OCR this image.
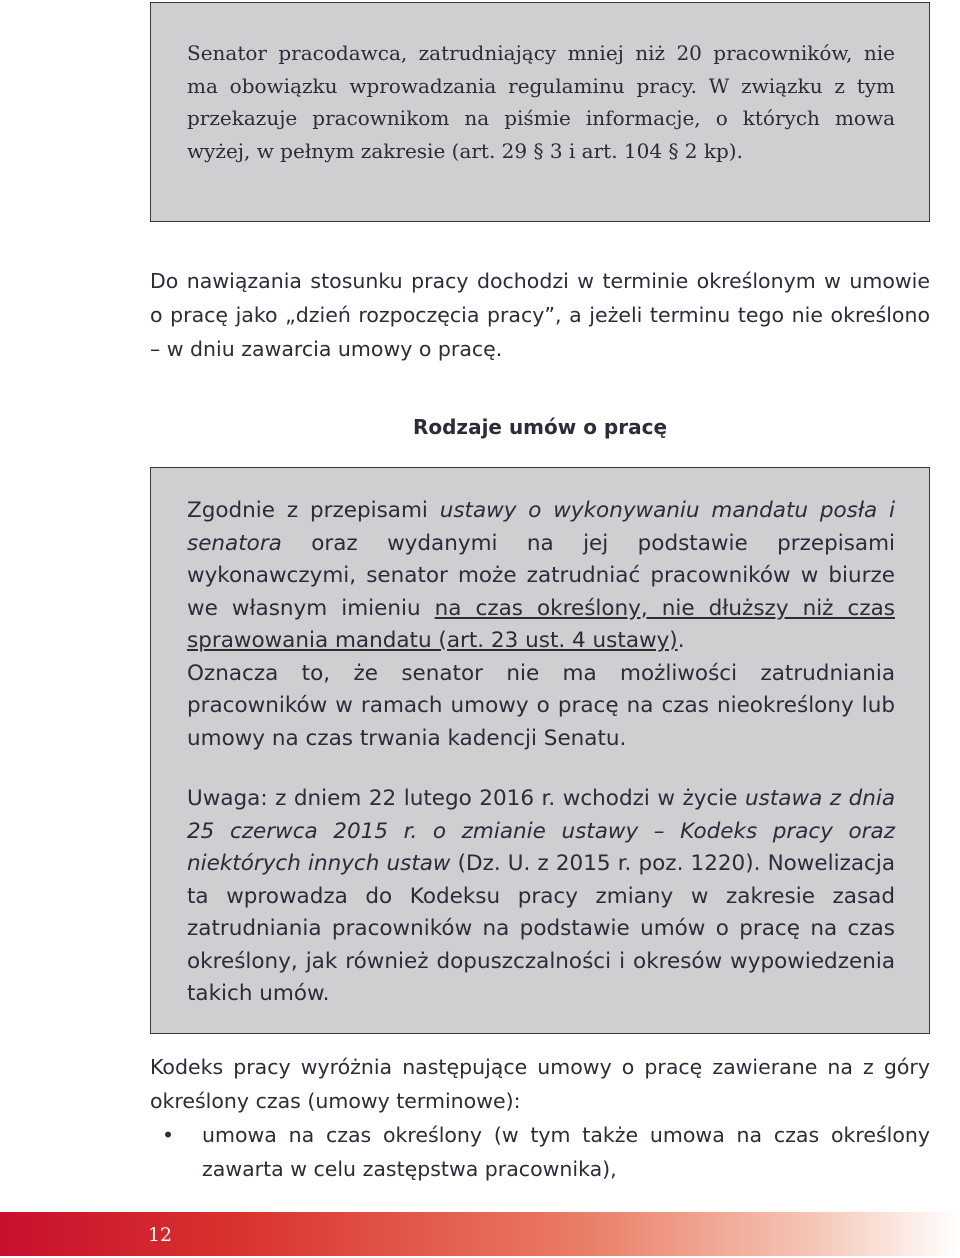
Senator pracodawca, zatrudniający mniej niż 20 pracowników, nie ma obowiązku wprowadzania regulaminu pracy. W związku z tym przekazuje pracownikom na piśmie informacje, o których mowa wyżej, w pełnym zakresie (art. 29 § 3 i art. 104 § 2 kp).
Do nawiązania stosunku pracy dochodzi w terminie określonym w umowie o pracę jako „dzień rozpoczęcia pracy”, a jeżeli terminu tego nie określono – w dniu zawarcia umowy o pracę.
Rodzaje umów o pracę

Zgodnie z przepisami ustawy o wykonywaniu mandatu posła i senatora oraz wydanymi na jej podstawie przepisami wykonawczymi, senator może zatrudniać pracowników w biurze we własnym imieniu na czas określony, nie dłuższy niż czas sprawowania mandatu (art. 23 ust. 4 ustawy).

Oznacza to, że senator nie ma możliwości zatrudniania pracowników w ramach umowy o pracę na czas nieokreślony lub umowy na czas trwania kadencji Senatu.

Uwaga: z dniem 22 lutego 2016 r. wchodzi w życie ustawa z dnia 25 czerwca 2015 r. o zmianie ustawy – Kodeks pracy oraz niektórych innych ustaw (Dz. U. z 2015 r. poz. 1220). Nowelizacja ta wprowadza do Kodeksu pracy zmiany w zakresie zasad zatrudniania pracowników na podstawie umów o pracę na czas określony, jak również dopuszczalności i okresów wypowiedzenia takich umów.

Kodeks pracy wyróżnia następujące umowy o pracę zawierane na z góry określony czas (umowy terminowe):
• umowa na czas określony (w tym także umowa na czas określony zawarta w celu zastępstwa pracownika),
12
